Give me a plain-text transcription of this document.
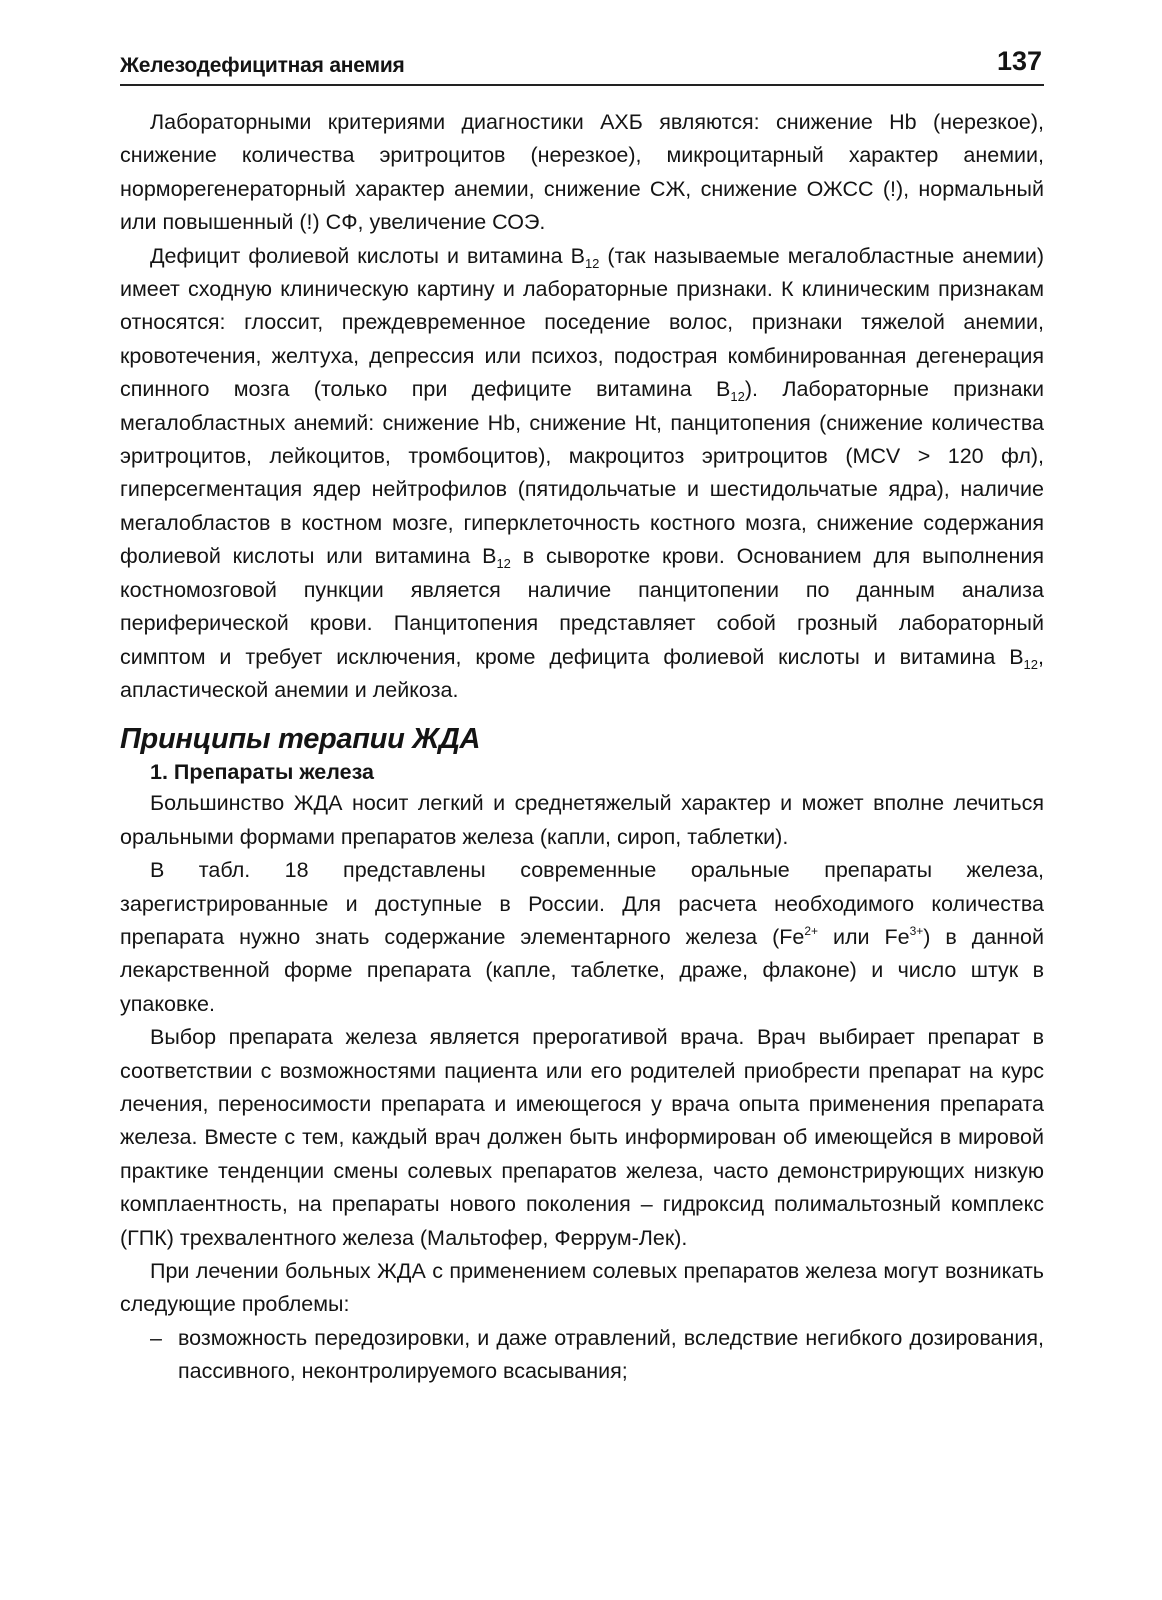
Железодефицитная анемия	137

Лабораторными критериями диагностики АХБ являются: снижение Hb (нерезкое), снижение количества эритроцитов (нерезкое), микроцитарный характер анемии, норморегенераторный характер анемии, снижение СЖ, снижение ОЖСС (!), нормальный или повышенный (!) СФ, увеличение СОЭ.

Дефицит фолиевой кислоты и витамина $B_{12}$ (так называемые мегалобластные анемии) имеет сходную клиническую картину и лабораторные признаки. К клиническим признакам относятся: глоссит, преждевременное поседение волос, признаки тяжелой анемии, кровотечения, желтуха, депрессия или психоз, подострая комбинированная дегенерация спинного мозга (только при дефиците витамина $B_{12}$). Лабораторные признаки мегалобластных анемий: снижение Hb, снижение Ht, панцитопения (снижение количества эритроцитов, лейкоцитов, тромбоцитов), макроцитоз эритроцитов (MCV > 120 фл), гиперсегментация ядер нейтрофилов (пятидольчатые и шестидольчатые ядра), наличие мегалобластов в костном мозге, гиперклеточность костного мозга, снижение содержания фолиевой кислоты или витамина $B_{12}$ в сыворотке крови. Основанием для выполнения костномозговой пункции является наличие панцитопении по данным анализа периферической крови. Панцитопения представляет собой грозный лабораторный симптом и требует исключения, кроме дефицита фолиевой кислоты и витамина $B_{12}$, апластической анемии и лейкоза.

Принципы терапии ЖДА
1. Препараты железа

Большинство ЖДА носит легкий и среднетяжелый характер и может вполне лечиться оральными формами препаратов железа (капли, сироп, таблетки).

В табл. 18 представлены современные оральные препараты железа, зарегистрированные и доступные в России. Для расчета необходимого количества препарата нужно знать содержание элементарного железа ($Fe^{2+}$ или $Fe^{3+}$) в данной лекарственной форме препарата (капле, таблетке, драже, флаконе) и число штук в упаковке.

Выбор препарата железа является прерогативой врача. Врач выбирает препарат в соответствии с возможностями пациента или его родителей приобрести препарат на курс лечения, переносимости препарата и имеющегося у врача опыта применения препарата железа. Вместе с тем, каждый врач должен быть информирован об имеющейся в мировой практике тенденции смены солевых препаратов железа, часто демонстрирующих низкую комплаентность, на препараты нового поколения – гидроксид полимальтозный комплекс (ГПК) трехвалентного железа (Мальтофер, Феррум-Лек).

При лечении больных ЖДА с применением солевых препаратов железа могут возникать следующие проблемы:

– возможность передозировки, и даже отравлений, вследствие негибкого дозирования, пассивного, неконтролируемого всасывания;
